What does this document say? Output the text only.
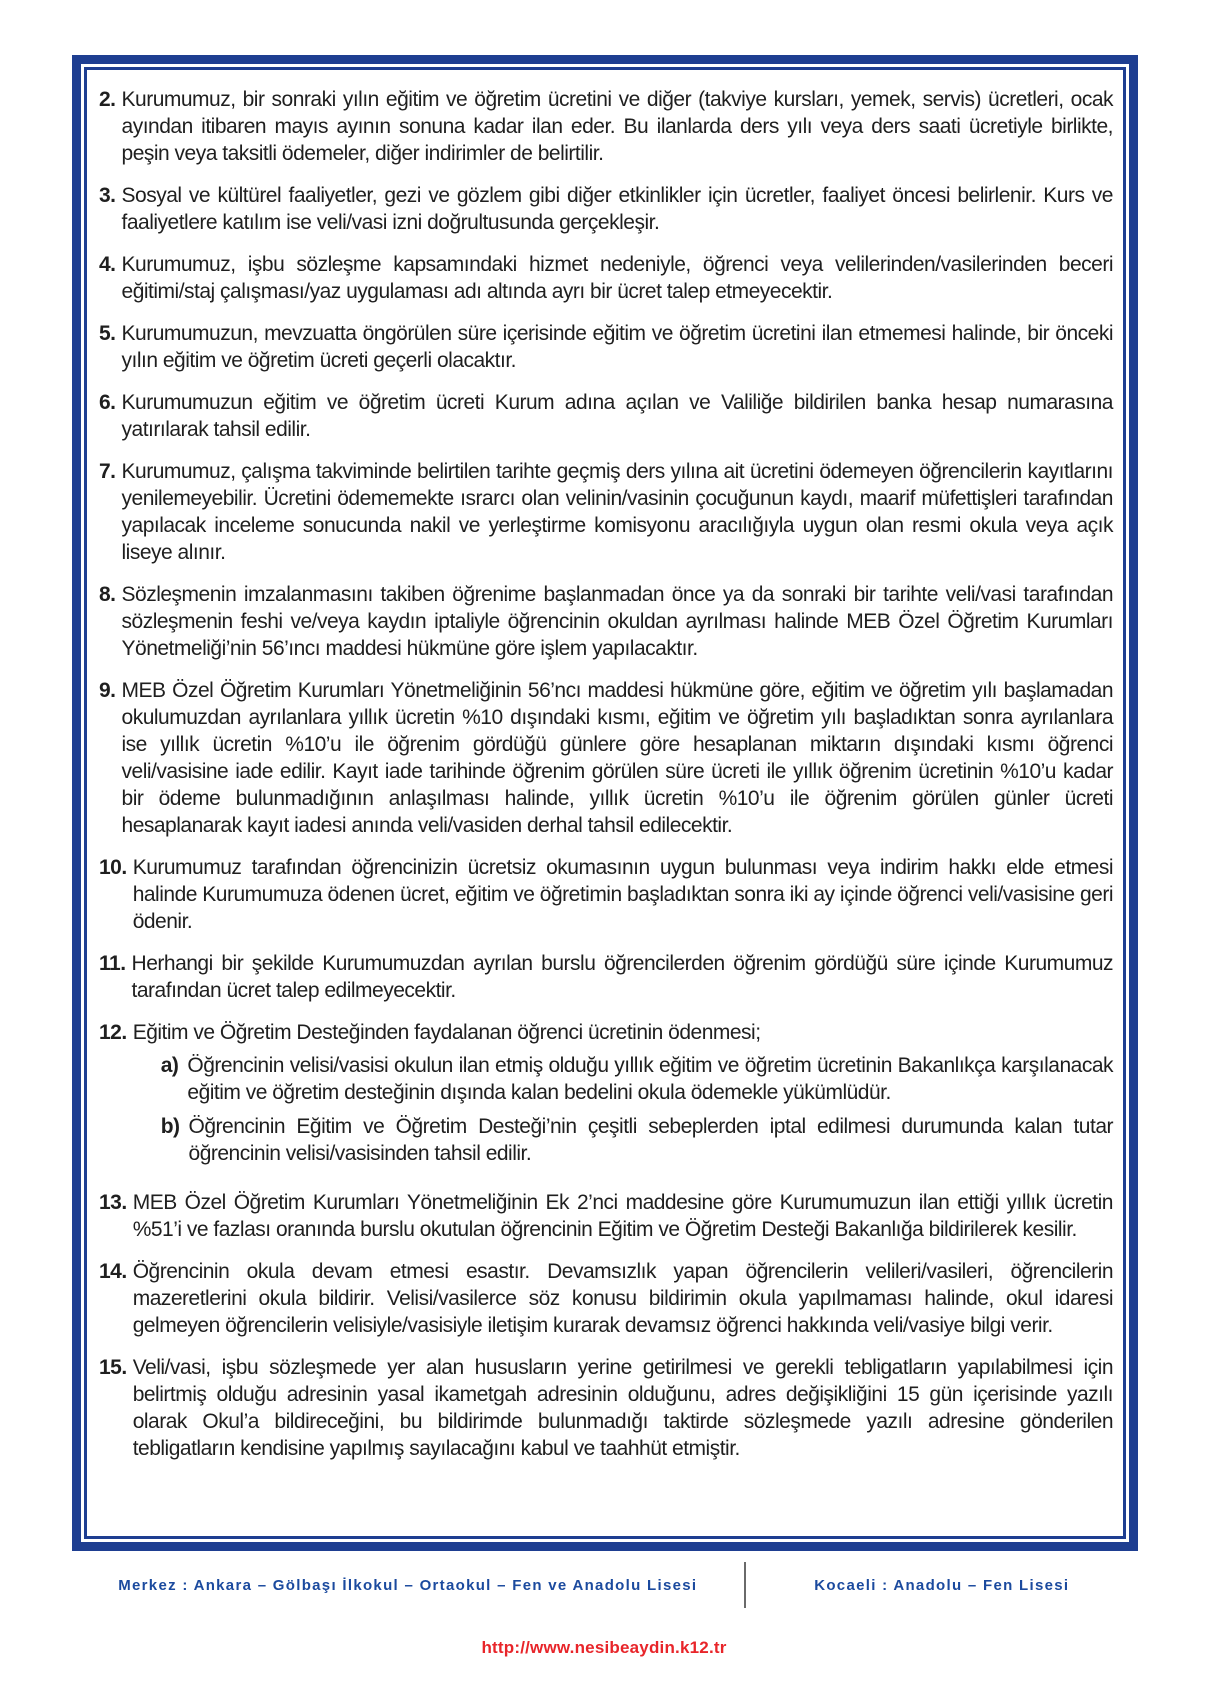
2. Kurumumuz, bir sonraki yılın eğitim ve öğretim ücretini ve diğer (takviye kursları, yemek, servis) ücretleri, ocak ayından itibaren mayıs ayının sonuna kadar ilan eder. Bu ilanlarda ders yılı veya ders saati ücretiyle birlikte, peşin veya taksitli ödemeler, diğer indirimler de belirtilir.
3. Sosyal ve kültürel faaliyetler, gezi ve gözlem gibi diğer etkinlikler için ücretler, faaliyet öncesi belirlenir. Kurs ve faaliyetlere katılım ise veli/vasi izni doğrultusunda gerçekleşir.
4. Kurumumuz, işbu sözleşme kapsamındaki hizmet nedeniyle, öğrenci veya velilerinden/vasilerinden beceri eğitimi/staj çalışması/yaz uygulaması adı altında ayrı bir ücret talep etmeyecektir.
5. Kurumumuzun, mevzuatta öngörülen süre içerisinde eğitim ve öğretim ücretini ilan etmemesi halinde, bir önceki yılın eğitim ve öğretim ücreti geçerli olacaktır.
6. Kurumumuzun eğitim ve öğretim ücreti Kurum adına açılan ve Valiliğe bildirilen banka hesap numarasına yatırılarak tahsil edilir.
7. Kurumumuz, çalışma takviminde belirtilen tarihte geçmiş ders yılına ait ücretini ödemeyen öğrencilerin kayıtlarını yenilemeyebilir. Ücretini ödememekte ısrarcı olan velinin/vasinin çocuğunun kaydı, maarif müfettişleri tarafından yapılacak inceleme sonucunda nakil ve yerleştirme komisyonu aracılığıyla uygun olan resmi okula veya açık liseye alınır.
8. Sözleşmenin imzalanmasını takiben öğrenime başlanmadan önce ya da sonraki bir tarihte veli/vasi tarafından sözleşmenin feshi ve/veya kaydın iptaliyle öğrencinin okuldan ayrılması halinde MEB Özel Öğretim Kurumları Yönetmeliği’nin 56’ıncı maddesi hükmüne göre işlem yapılacaktır.
9. MEB Özel Öğretim Kurumları Yönetmeliğinin 56’ncı maddesi hükmüne göre, eğitim ve öğretim yılı başlamadan okulumuzdan ayrılanlara yıllık ücretin %10 dışındaki kısmı, eğitim ve öğretim yılı başladıktan sonra ayrılanlara ise yıllık ücretin %10’u ile öğrenim gördüğü günlere göre hesaplanan miktarın dışındaki kısmı öğrenci veli/vasisine iade edilir. Kayıt iade tarihinde öğrenim görülen süre ücreti ile yıllık öğrenim ücretinin %10’u kadar bir ödeme bulunmadığının anlaşılması halinde, yıllık ücretin %10’u ile öğrenim görülen günler ücreti hesaplanarak kayıt iadesi anında veli/vasiden derhal tahsil edilecektir.
10. Kurumumuz tarafından öğrencinizin ücretsiz okumasının uygun bulunması veya indirim hakkı elde etmesi halinde Kurumumuza ödenen ücret, eğitim ve öğretimin başladıktan sonra iki ay içinde öğrenci veli/vasisine geri ödenir.
11. Herhangi bir şekilde Kurumumuzdan ayrılan burslu öğrencilerden öğrenim gördüğü süre içinde Kurumumuz tarafından ücret talep edilmeyecektir.
12. Eğitim ve Öğretim Desteğinden faydalanan öğrenci ücretinin ödenmesi;
a) Öğrencinin velisi/vasisi okulun ilan etmiş olduğu yıllık eğitim ve öğretim ücretinin Bakanlıkça karşılanacak eğitim ve öğretim desteğinin dışında kalan bedelini okula ödemekle yükümlüdür.
b) Öğrencinin Eğitim ve Öğretim Desteği’nin çeşitli sebeplerden iptal edilmesi durumunda kalan tutar öğrencinin velisi/vasisinden tahsil edilir.
13. MEB Özel Öğretim Kurumları Yönetmeliğinin Ek 2’nci maddesine göre Kurumumuzun ilan ettiği yıllık ücretin %51’i ve fazlası oranında burslu okutulan öğrencinin Eğitim ve Öğretim Desteği Bakanlığa bildirilerek kesilir.
14. Öğrencinin okula devam etmesi esastır. Devamsızlık yapan öğrencilerin velileri/vasileri, öğrencilerin mazeretlerini okula bildirir. Velisi/vasilerce söz konusu bildirimin okula yapılmaması halinde, okul idaresi gelmeyen öğrencilerin velisiyle/vasisiyle iletişim kurarak devamsız öğrenci hakkında veli/vasiye bilgi verir.
15. Veli/vasi, işbu sözleşmede yer alan hususların yerine getirilmesi ve gerekli tebligatların yapılabilmesi için belirtmiş olduğu adresinin yasal ikametgah adresinin olduğunu, adres değişikliğini 15 gün içerisinde yazılı olarak Okul’a bildireceğini, bu bildirimde bulunmadığı taktirde sözleşmede yazılı adresine gönderilen tebligatların kendisine yapılmış sayılacağını kabul ve taahhüt etmiştir.
Merkez : Ankara – Gölbaşı İlkokul – Ortaokul – Fen ve Anadolu Lisesi	Kocaeli : Anadolu – Fen Lisesi
http://www.nesibeaydin.k12.tr
